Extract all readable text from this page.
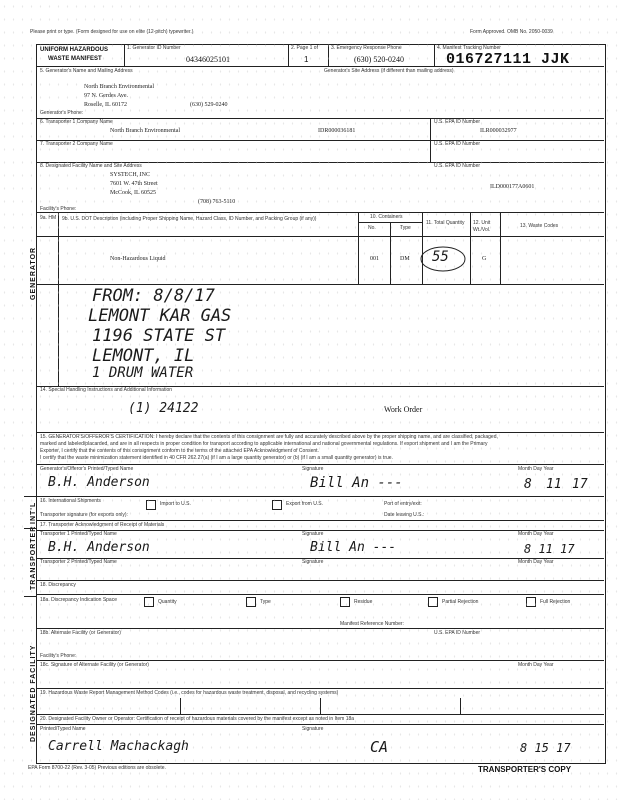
Please print or type. (Form designed for use on elite (12-pitch) typewriter.)	Form Approved. OMB No. 2050-0039
UNIFORM HAZARDOUS
WASTE MANIFEST
1. Generator ID Number
04346025101
2. Page 1 of
1
3. Emergency Response Phone
(630) 520-0240
4. Manifest Tracking Number
016727111 JJK
GENERATOR
INT'L
TRANSPORTER
DESIGNATED FACILITY
5. Generator's Name and Mailing Address	Generator's Site Address (if different than mailing address)
North Branch Environmental
97 N. Gerdes Ave.
Roselle, IL 60172	(630) 529-0240
Generator's Phone:
6. Transporter 1 Company Name	U.S. EPA ID Number
North Branch Environmental	IDR000036181	ILR000032977
7. Transporter 2 Company Name	U.S. EPA ID Number
8. Designated Facility Name and Site Address	U.S. EPA ID Number
SYSTECH, INC
7601 W. 47th Street
McCook, IL 60525
(708) 763-5110
ILD000177A0601
Facility's Phone:
9a. HM 9b. U.S. DOT Description (including Proper Shipping Name, Hazard Class, ID Number, and Packing Group (if any))	10. Containers
No.	Type
11. Total Quantity	12. Unit Wt./Vol.
13. Waste Codes
Non-Hazardous Liquid	001	DM 55	G
FROM: 8/8/17
LEMONT KAR GAS
1196 STATE ST
LEMONT, IL
1 DRUM WATER
14. Special Handling Instructions and Additional Information
(1) 24122	Work Order
15. GENERATOR'S/OFFEROR'S CERTIFICATION: I hereby declare that the contents of this consignment are fully and accurately described above by the proper shipping name, and are classified, packaged,
marked and labeled/placarded, and are in all respects in proper condition for transport according to applicable international and national governmental regulations. If export shipment and I am the Primary
Exporter, I certify that the contents of this consignment conform to the terms of the attached EPA Acknowledgment of Consent.
I certify that the waste minimization statement identified in 40 CFR 262.27(a) (if I am a large quantity generator) or (b) (if I am a small quantity generator) is true.
Generator's/Offeror's Printed/Typed Name	Signature	Month Day Year
B.H. Anderson	Bill An ---	8 11 17
16. International Shipments	Import to U.S.	Export from U.S.	Port of entry/exit:
Transporter signature (for exports only):	Date leaving U.S.:
17. Transporter Acknowledgment of Receipt of Materials
Transporter 1 Printed/Typed Name	Signature	Month Day Year
B.H. Anderson	Bill An ---	8 11 17
Transporter 2 Printed/Typed Name	Signature	Month Day Year
18. Discrepancy
18a. Discrepancy Indication Space	Quantity	Type	Residue	Partial Rejection	Full Rejection
Manifest Reference Number:
18b. Alternate Facility (or Generator)	U.S. EPA ID Number
Facility's Phone:
18c. Signature of Alternate Facility (or Generator)	Month Day Year
19. Hazardous Waste Report Management Method Codes (i.e., codes for hazardous waste treatment, disposal, and recycling systems)
20. Designated Facility Owner or Operator: Certification of receipt of hazardous materials covered by the manifest except as noted in Item 18a
Printed/Typed Name	Signature
Carrell Machackagh	CA	8 15 17
EPA Form 8700-22 (Rev. 3-05) Previous editions are obsolete.	TRANSPORTER'S COPY
